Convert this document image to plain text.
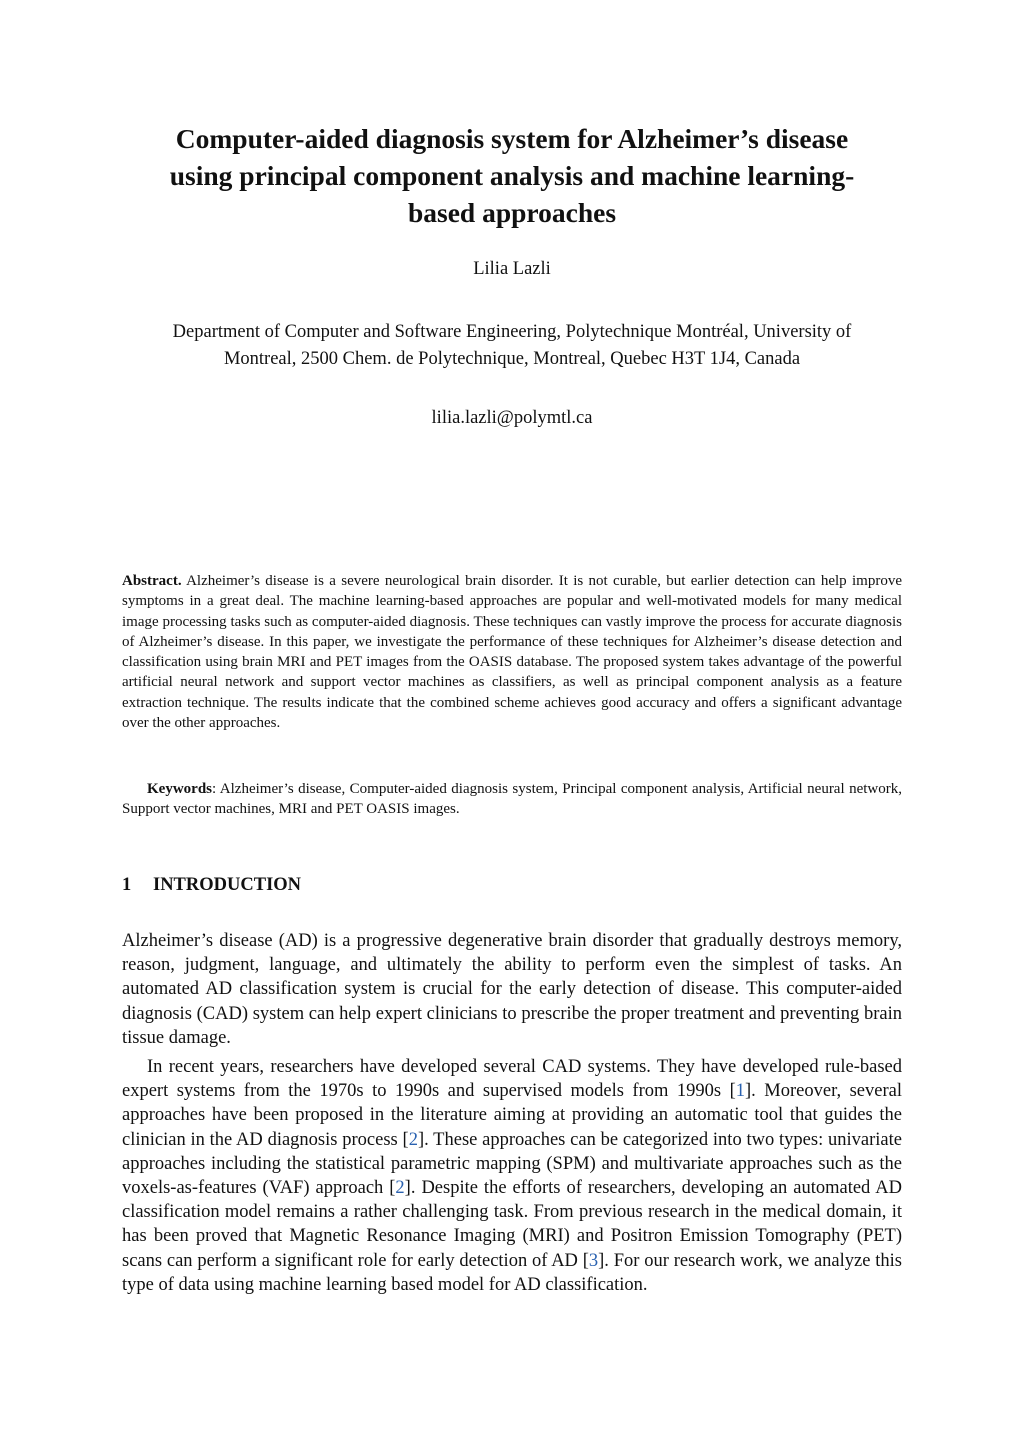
Computer-aided diagnosis system for Alzheimer’s disease
using principal component analysis and machine learning-
based approaches

Lilia Lazli

Department of Computer and Software Engineering, Polytechnique Montréal, University of
Montreal, 2500 Chem. de Polytechnique, Montreal, Quebec H3T 1J4, Canada

lilia.lazli@polymtl.ca

Abstract. Alzheimer’s disease is a severe neurological brain disorder. It is not curable, but earlier detection can help improve symptoms in a great deal. The machine learning-based approaches are popular and well-motivated models for many medical image processing tasks such as computer-aided diagnosis. These techniques can vastly improve the process for accurate diagnosis of Alzheimer’s disease. In this paper, we investigate the performance of these techniques for Alzheimer’s disease detection and classification using brain MRI and PET images from the OASIS database. The proposed system takes advantage of the powerful artificial neural network and support vector machines as classifiers, as well as principal component analysis as a feature extraction technique. The results indicate that the combined scheme achieves good accuracy and offers a significant advantage over the other approaches.

Keywords: Alzheimer’s disease, Computer-aided diagnosis system, Principal component analysis, Artificial neural network, Support vector machines, MRI and PET OASIS images.

1 INTRODUCTION

Alzheimer’s disease (AD) is a progressive degenerative brain disorder that gradually destroys memory, reason, judgment, language, and ultimately the ability to perform even the simplest of tasks. An automated AD classification system is crucial for the early detection of disease. This computer-aided diagnosis (CAD) system can help expert clinicians to prescribe the proper treatment and preventing brain tissue damage.

In recent years, researchers have developed several CAD systems. They have developed rule-based expert systems from the 1970s to 1990s and supervised models from 1990s [1]. Moreover, several approaches have been proposed in the literature aiming at providing an automatic tool that guides the clinician in the AD diagnosis process [2]. These approaches can be categorized into two types: univariate approaches including the statistical parametric mapping (SPM) and multivariate approaches such as the voxels-as-features (VAF) approach [2]. Despite the efforts of researchers, developing an automated AD classification model remains a rather challenging task. From previous research in the medical domain, it has been proved that Magnetic Resonance Imaging (MRI) and Positron Emission Tomography (PET) scans can perform a significant role for early detection of AD [3]. For our research work, we analyze this type of data using machine learning based model for AD classification.
